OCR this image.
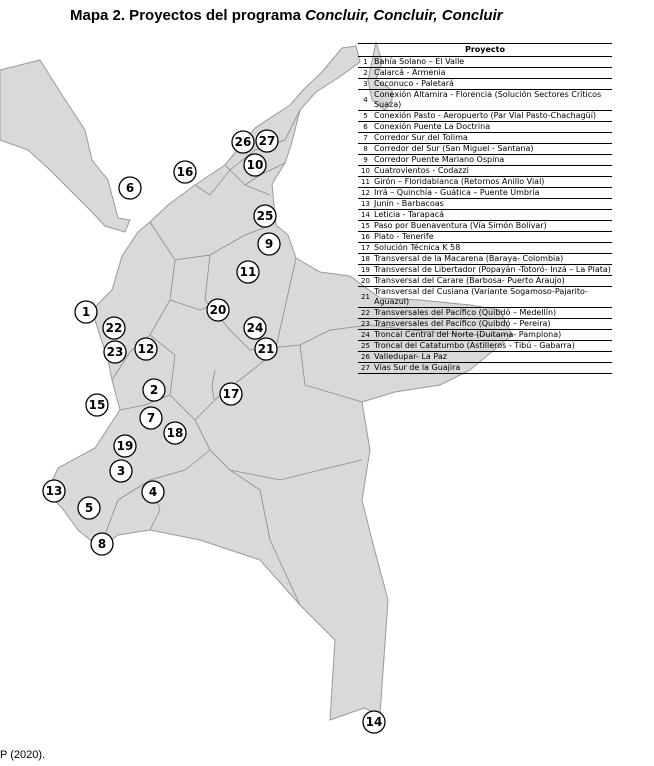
Mapa 2. Proyectos del programa Concluir, Concluir, Concluir
1
2
3
4
5
6
7
8
9
10
11
12
13
14
15
16
17
18
19
20
21
22
23
24
25
26 27
Proyecto	
1	Bahía Solano – El Valle
2	Calarcá - Armenia
3	Coconuco - Paletará
4	Conexión Altamira - Florencia (Solución Sectores Críticos Suaza)
5	Conexión Pasto - Aeropuerto (Par Vial Pasto-Chachagüí)
6	Conexión Puente La Doctrina
7	Corredor Sur del Tolima
8	Corredor del Sur (San Miguel - Santana)
9	Corredor Puente Mariano Ospina
10	Cuatrovientos - Codazzi
11	Girón – Floridablanca (Retornos Anillo Vial)
12	Irrá – Quinchía - Guática – Puente Umbría
13	Junín - Barbacoas
14	Leticia - Tarapacá
15	Paso por Buenaventura (Vía Simón Bolívar)
16	Plato - Tenerife
17	Solución Técnica K 58
18	Transversal de la Macarena (Baraya- Colombia)
19	Transversal de Libertador (Popayán -Totoró- Inzá – La Plata)
20	Transversal del Carare (Barbosa- Puerto Araujo)
21	Transversal del Cusiana (Variante Sogamoso-Pajarito- Aguazul)
22	Transversales del Pacífico (Quibdó – Medellín)
23	Transversales del Pacífico (Quibdó – Pereira)
24	Troncal Central del Norte (Duitama- Pamplona)
25	Troncal del Catatumbo (Astilleros - Tibú - Gabarra)
26	Valledupar- La Paz
27	Vías Sur de la Guajira
P (2020).
